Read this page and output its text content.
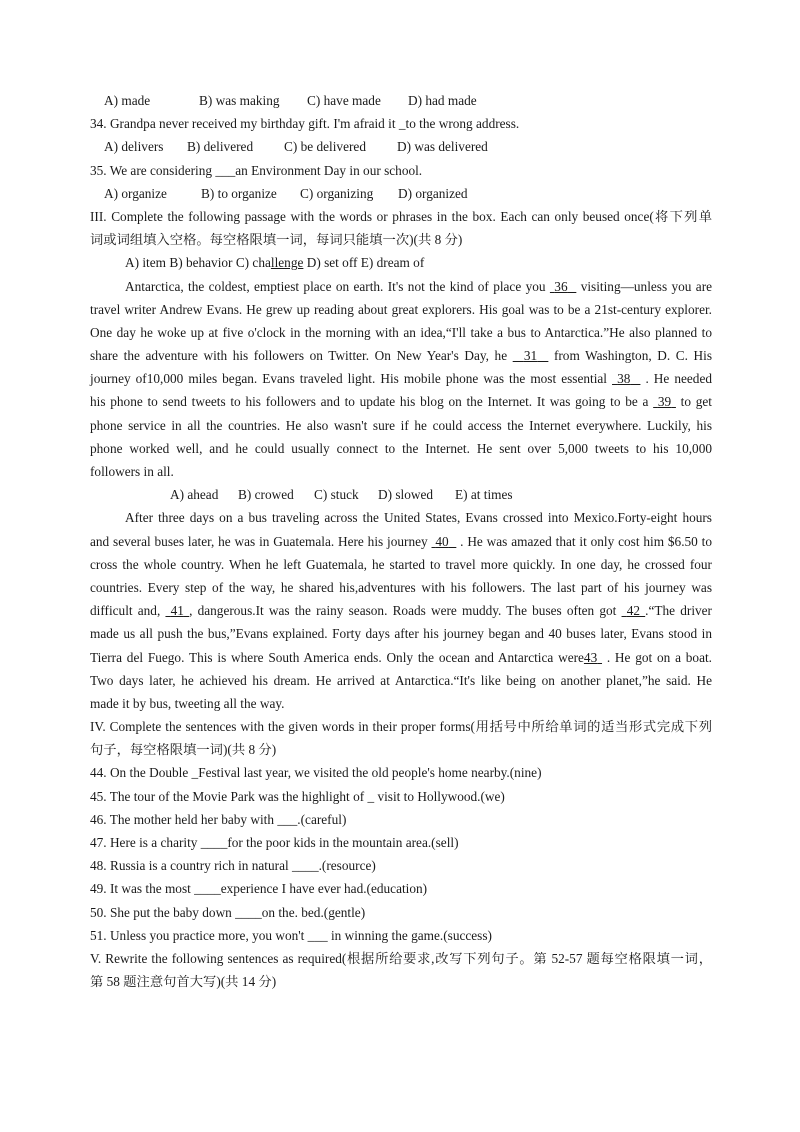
A) made	B) was making C) have made D) had made
34. Grandpa never received my birthday gift. I'm afraid it _to the wrong address.
A) delivers B) delivered C) be delivered D) was delivered
35. We are considering ___an Environment Day in our school.
A) organize	B) to organize C) organizing D) organized
III. Complete the following passage with the words or phrases in the box. Each can only beused once(将下列单
词或词组填入空格。每空格限填一词，每词只能填一次)(共 8 分)
A) item B) behavior C) challenge D) set off E) dream of
Antarctica, the coldest, emptiest place on earth. It's not the kind of place you 36 visiting—unless you are
travel writer Andrew Evans. He grew up reading about great explorers. His goal was to be a 21st-century explorer.
One day he woke up at five o'clock in the morning with an idea,“I'll take a bus to Antarctica.”He also planned to
share the adventure with his followers on Twitter. On New Year's Day, he 31 from Washington, D. C. His
journey of10,000 miles began. Evans traveled light. His mobile phone was the most essential 38 . He needed
his phone to send tweets to his followers and to update his blog on the Internet. It was going to be a 39 to get
phone service in all the countries. He also wasn't sure if he could access the Internet everywhere. Luckily, his
phone worked well, and he could usually connect to the Internet. He sent over 5,000 tweets to his 10,000
followers in all.
A) ahead B) crowed C) stuck D) slowed E) at times
After three days on a bus traveling across the United States, Evans crossed into Mexico.Forty-eight hours
and several buses later, he was in Guatemala. Here his journey 40 . He was amazed that it only cost him $6.50 to
cross the whole country. When he left Guatemala, he started to travel more quickly. In one day, he crossed four
countries. Every step of the way, he shared his,adventures with his followers. The last part of his journey was
difficult and, 41 , dangerous.It was the rainy season. Roads were muddy. The buses often got 42 .“The driver
made us all push the bus,”Evans explained. Forty days after his journey began and 40 buses later, Evans stood in
Tierra del Fuego. This is where South America ends. Only the ocean and Antarctica were43 . He got on a boat.
Two days later, he achieved his dream. He arrived at Antarctica.“It's like being on another planet,”he said. He
made it by bus, tweeting all the way.
IV. Complete the sentences with the given words in their proper forms(用括号中所给单词的适当形式完成下列
句子，每空格限填一词)(共 8 分)
44. On the Double _Festival last year, we visited the old people's home nearby.(nine)
45. The tour of the Movie Park was the highlight of _ visit to Hollywood.(we)
46. The mother held her baby with ___.(careful)
47. Here is a charity ____for the poor kids in the mountain area.(sell)
48. Russia is a country rich in natural ____.(resource)
49. It was the most ____experience I have ever had.(education)
50. She put the baby down ____on the. bed.(gentle)
51. Unless you practice more, you won't ___ in winning the game.(success)
V. Rewrite the following sentences as required(根据所给要求,改写下列句子。第 52-57 题每空格限填一词，
第 58 题注意句首大写)(共 14 分)
